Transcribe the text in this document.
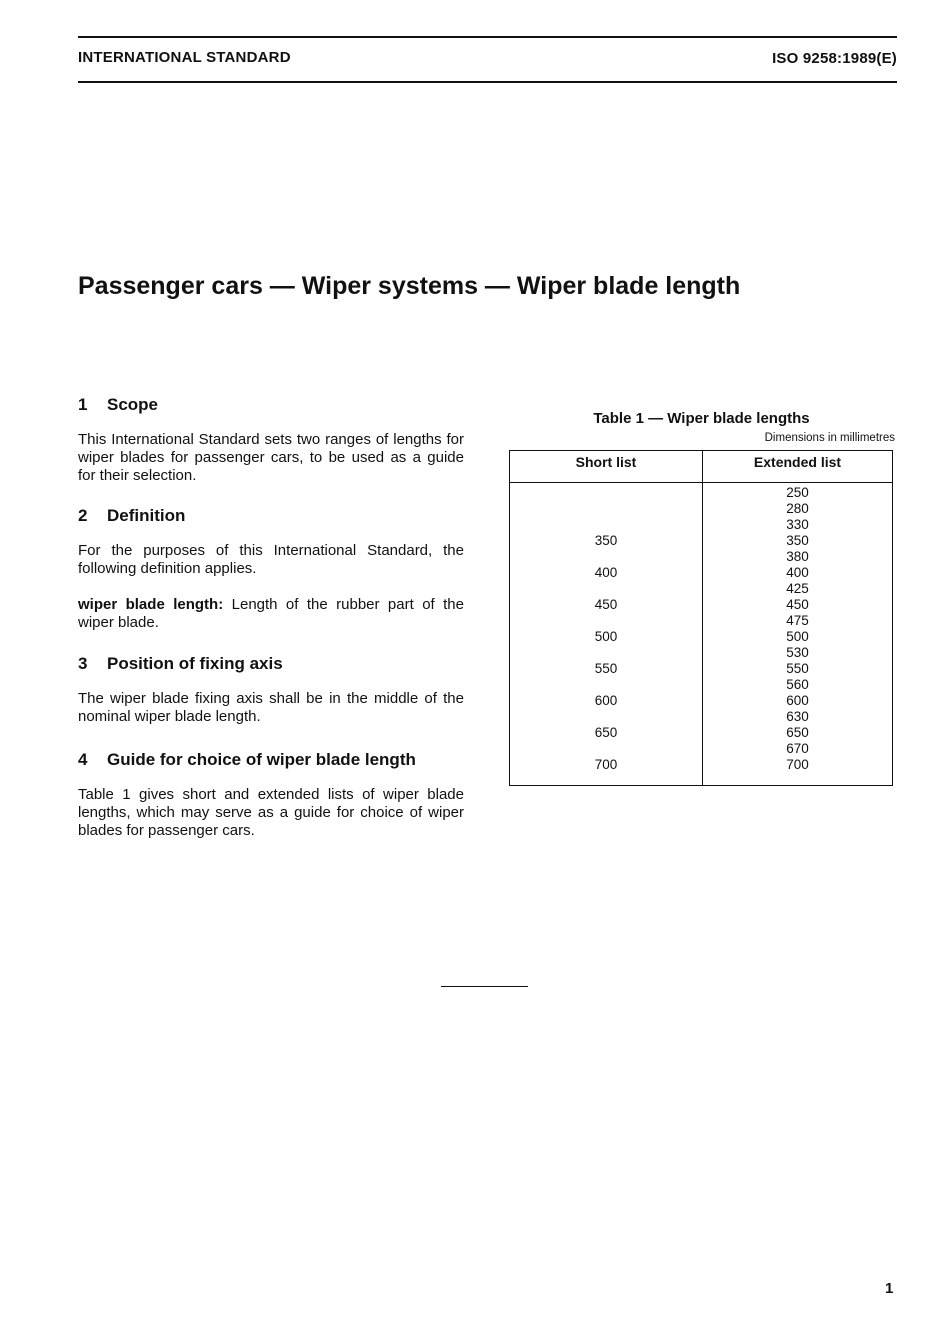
INTERNATIONAL STANDARD	ISO 9258:1989(E)
Passenger cars — Wiper systems — Wiper blade length
1 Scope

This International Standard sets two ranges of lengths for wiper blades for passenger cars, to be used as a guide for their selection.

2 Definition

For the purposes of this International Standard, the following definition applies.

wiper blade length: Length of the rubber part of the wiper blade.

3 Position of fixing axis

The wiper blade fixing axis shall be in the middle of the nominal wiper blade length.

4 Guide for choice of wiper blade length

Table 1 gives short and extended lists of wiper blade lengths, which may serve as a guide for choice of wiper blades for passenger cars.

Table 1 — Wiper blade lengths
Dimensions in millimetres
Short list	Extended list
250
280
330
350
380
400
425
450
475
500
530
550
560
600
630
650
670
700
350
400
450
500
550
600
650
700
1
